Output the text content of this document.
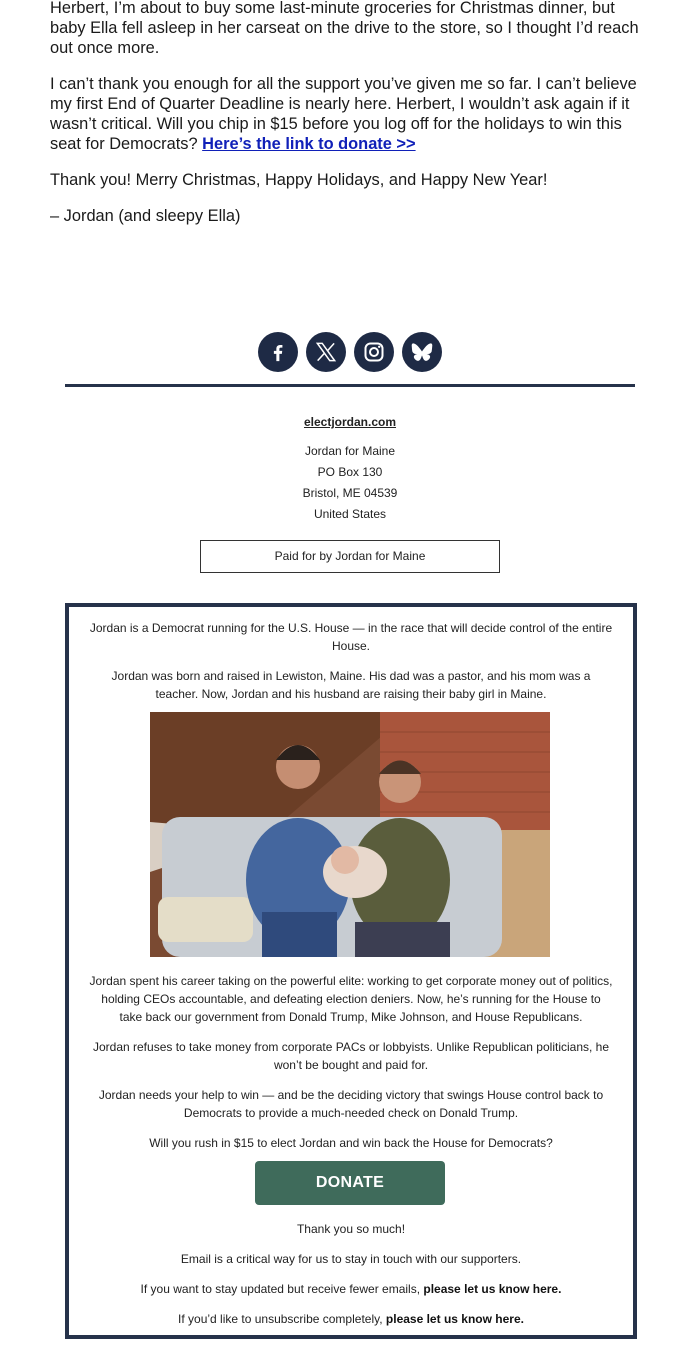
Herbert, I’m about to buy some last-minute groceries for Christmas dinner, but baby Ella fell asleep in her carseat on the drive to the store, so I thought I’d reach out once more.

I can’t thank you enough for all the support you’ve given me so far. I can’t believe my first End of Quarter Deadline is nearly here. Herbert, I wouldn’t ask again if it wasn’t critical. Will you chip in $15 before you log off for the holidays to win this seat for Democrats? Here’s the link to donate >>

Thank you! Merry Christmas, Happy Holidays, and Happy New Year!

– Jordan (and sleepy Ella)

electjordan.com
Jordan for Maine
PO Box 130
Bristol, ME 04539
United States
Paid for by Jordan for Maine

Jordan is a Democrat running for the U.S. House — in the race that will decide control of the entire House.

Jordan was born and raised in Lewiston, Maine. His dad was a pastor, and his mom was a teacher. Now, Jordan and his husband are raising their baby girl in Maine.

Jordan spent his career taking on the powerful elite: working to get corporate money out of politics, holding CEOs accountable, and defeating election deniers. Now, he’s running for the House to take back our government from Donald Trump, Mike Johnson, and House Republicans.

Jordan refuses to take money from corporate PACs or lobbyists. Unlike Republican politicians, he won’t be bought and paid for.

Jordan needs your help to win — and be the deciding victory that swings House control back to Democrats to provide a much-needed check on Donald Trump.

Will you rush in $15 to elect Jordan and win back the House for Democrats?

DONATE

Thank you so much!

Email is a critical way for us to stay in touch with our supporters.

If you want to stay updated but receive fewer emails, please let us know here.

If you’d like to unsubscribe completely, please let us know here.
